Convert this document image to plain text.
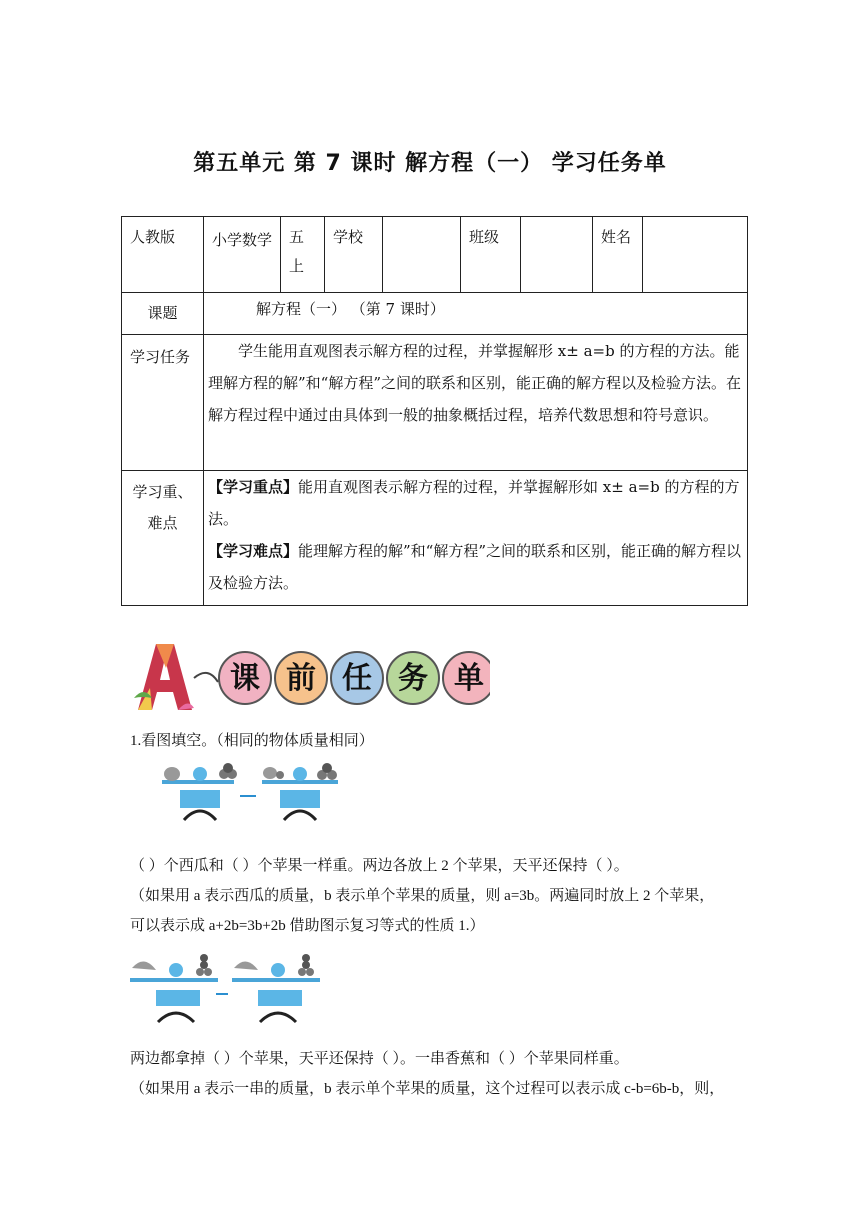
第五单元 第 7 课时 解方程（一） 学习任务单
人教版	小学数学	五上	学校		班级		姓名	
课题	解方程（一） （第 7 课时）							
学习任务	学生能用直观图表示解方程的过程，并掌握解形 x± a=b 的方程的方法。能理解方程的解”和“解方程”之间的联系和区别，能正确的解方程以及检验方法。在解方程过程中通过由具体到一般的抽象概括过程，培养代数思想和符号意识。							

学习重、难点	【学习重点】能用直观图表示解方程的过程，并掌握解形如 x± a=b 的方程的方法。
【学习难点】能理解方程的解”和“解方程”之间的联系和区别，能正确的解方程以及检验方法。							
课 前 任 务 单
1.看图填空。（相同的物体质量相同）
（ ）个西瓜和（ ）个苹果一样重。两边各放上 2 个苹果，天平还保持（ ）。
（如果用 a 表示西瓜的质量，b 表示单个苹果的质量，则 a=3b。两遍同时放上 2 个苹果，
可以表示成 a+2b=3b+2b 借助图示复习等式的性质 1.）
两边都拿掉（ ）个苹果，天平还保持（ ）。一串香蕉和（ ）个苹果同样重。
（如果用 a 表示一串的质量，b 表示单个苹果的质量，这个过程可以表示成 c-b=6b-b，则，
